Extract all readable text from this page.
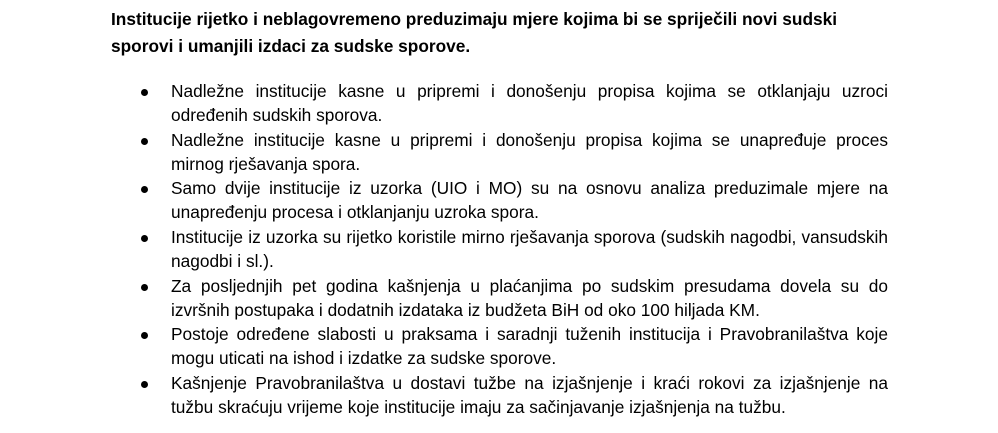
Institucije rijetko i neblagovremeno preduzimaju mjere kojima bi se spriječili novi sudski sporovi i umanjili izdaci za sudske sporove.

Nadležne institucije kasne u pripremi i donošenju propisa kojima se otklanjaju uzroci određenih sudskih sporova.

Nadležne institucije kasne u pripremi i donošenju propisa kojima se unapređuje proces mirnog rješavanja spora.

Samo dvije institucije iz uzorka (UIO i MO) su na osnovu analiza preduzimale mjere na unapređenju procesa i otklanjanju uzroka spora.

Institucije iz uzorka su rijetko koristile mirno rješavanja sporova (sudskih nagodbi, vansudskih nagodbi i sl.).

Za posljednjih pet godina kašnjenja u plaćanjima po sudskim presudama dovela su do izvršnih postupaka i dodatnih izdataka iz budžeta BiH od oko 100 hiljada KM.

Postoje određene slabosti u praksama i saradnji tuženih institucija i Pravobranilaštva koje mogu uticati na ishod i izdatke za sudske sporove.

Kašnjenje Pravobranilaštva u dostavi tužbe na izjašnjenje i kraći rokovi za izjašnjenje na tužbu skraćuju vrijeme koje institucije imaju za sačinjavanje izjašnjenja na tužbu.
